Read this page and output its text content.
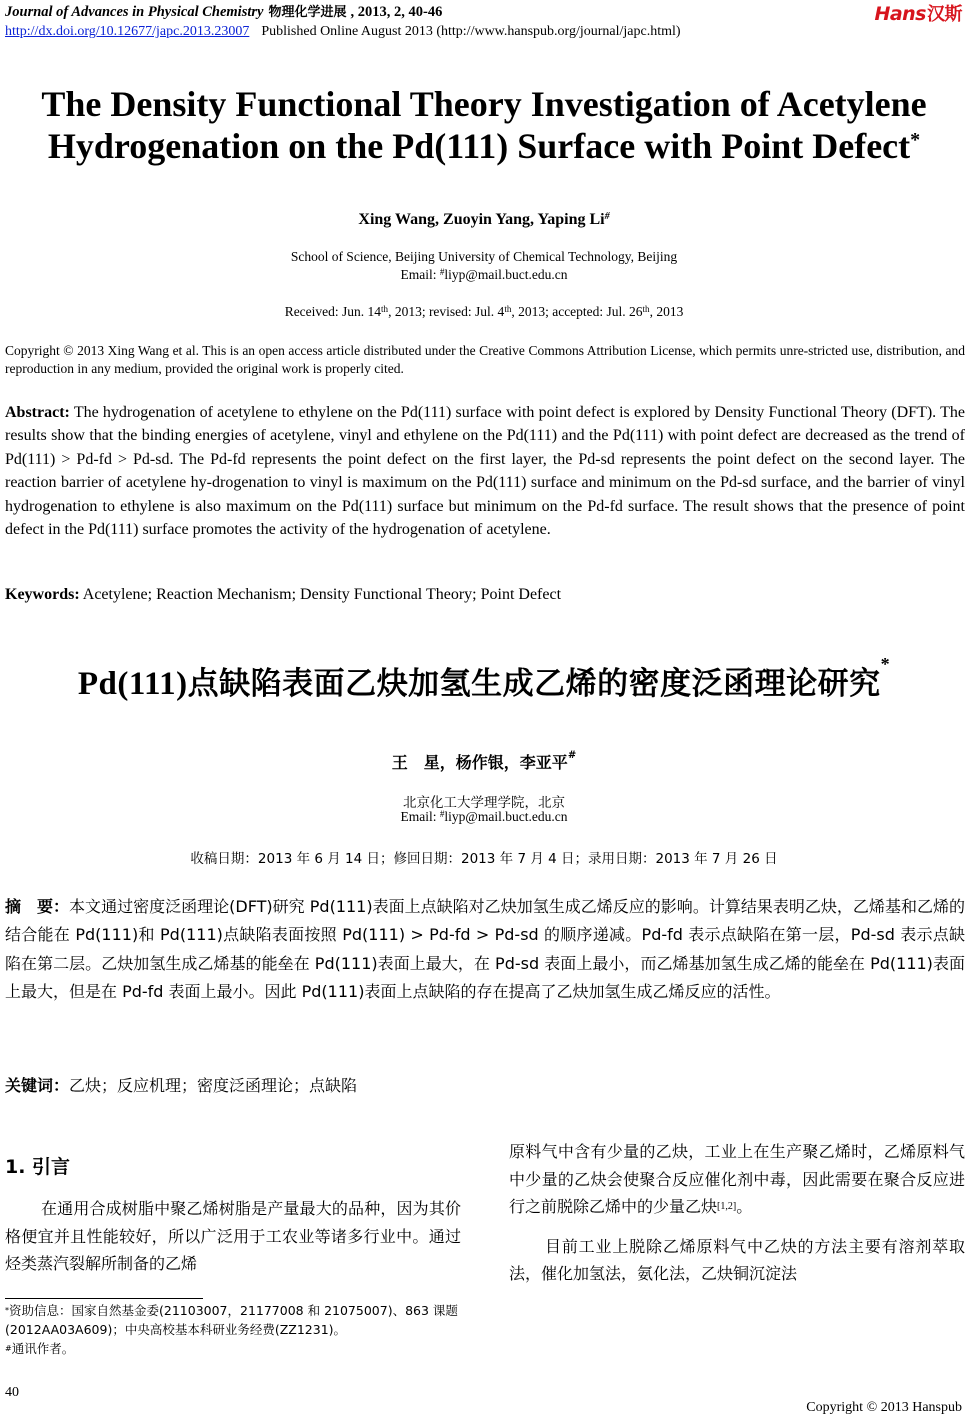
Journal of Advances in Physical Chemistry 物理化学进展 , 2013, 2, 40-46	Hans汉斯
http://dx.doi.org/10.12677/japc.2013.23007 Published Online August 2013 (http://www.hanspub.org/journal/japc.html)
The Density Functional Theory Investigation of Acetylene
Hydrogenation on the Pd(111) Surface with Point Defect*
Xing Wang, Zuoyin Yang, Yaping Li#
School of Science, Beijing University of Chemical Technology, Beijing
Email: #liyp@mail.buct.edu.cn
Received: Jun. 14th, 2013; revised: Jul. 4th, 2013; accepted: Jul. 26th, 2013
Copyright © 2013 Xing Wang et al. This is an open access article distributed under the Creative Commons Attribution License, which permits unre-stricted use, distribution, and reproduction in any medium, provided the original work is properly cited.
Abstract: The hydrogenation of acetylene to ethylene on the Pd(111) surface with point defect is explored by Density Functional Theory (DFT). The results show that the binding energies of acetylene, vinyl and ethylene on the Pd(111) and the Pd(111) with point defect are decreased as the trend of Pd(111) > Pd-fd > Pd-sd. The Pd-fd represents the point defect on the first layer, the Pd-sd represents the point defect on the second layer. The reaction barrier of acetylene hy-drogenation to vinyl is maximum on the Pd(111) surface and minimum on the Pd-sd surface, and the barrier of vinyl hydrogenation to ethylene is also maximum on the Pd(111) surface but minimum on the Pd-fd surface. The result shows that the presence of point defect in the Pd(111) surface promotes the activity of the hydrogenation of acetylene.
Keywords: Acetylene; Reaction Mechanism; Density Functional Theory; Point Defect
Pd(111)点缺陷表面乙炔加氢生成乙烯的密度泛函理论研究*
王　星，杨作银，李亚平#
北京化工大学理学院，北京
Email: #liyp@mail.buct.edu.cn
收稿日期：2013 年 6 月 14 日；修回日期：2013 年 7 月 4 日；录用日期：2013 年 7 月 26 日
摘　要：本文通过密度泛函理论(DFT)研究 Pd(111)表面上点缺陷对乙炔加氢生成乙烯反应的影响。计算结果表明乙炔，乙烯基和乙烯的结合能在 Pd(111)和 Pd(111)点缺陷表面按照 Pd(111) > Pd-fd > Pd-sd 的顺序递减。Pd-fd 表示点缺陷在第一层，Pd-sd 表示点缺陷在第二层。乙炔加氢生成乙烯基的能垒在 Pd(111)表面上最大，在 Pd-sd 表面上最小，而乙烯基加氢生成乙烯的能垒在 Pd(111)表面上最大，但是在 Pd-fd 表面上最小。因此 Pd(111)表面上点缺陷的存在提高了乙炔加氢生成乙烯反应的活性。
关键词：乙炔；反应机理；密度泛函理论；点缺陷
1. 引言
在通用合成树脂中聚乙烯树脂是产量最大的品种，因为其价格便宜并且性能较好，所以广泛用于工农业等诸多行业中。通过烃类蒸汽裂解所制备的乙烯

原料气中含有少量的乙炔，工业上在生产聚乙烯时，乙烯原料气中少量的乙炔会使聚合反应催化剂中毒，因此需要在聚合反应进行之前脱除乙烯中的少量乙炔[1,2]。

目前工业上脱除乙烯原料气中乙炔的方法主要有溶剂萃取法，催化加氢法，氨化法，乙炔铜沉淀法

*资助信息：国家自然基金委(21103007，21177008 和 21075007)、863 课题(2012AA03A609)；中央高校基本科研业务经费(ZZ1231)。
#通讯作者。
40
Copyright © 2013 Hanspub
